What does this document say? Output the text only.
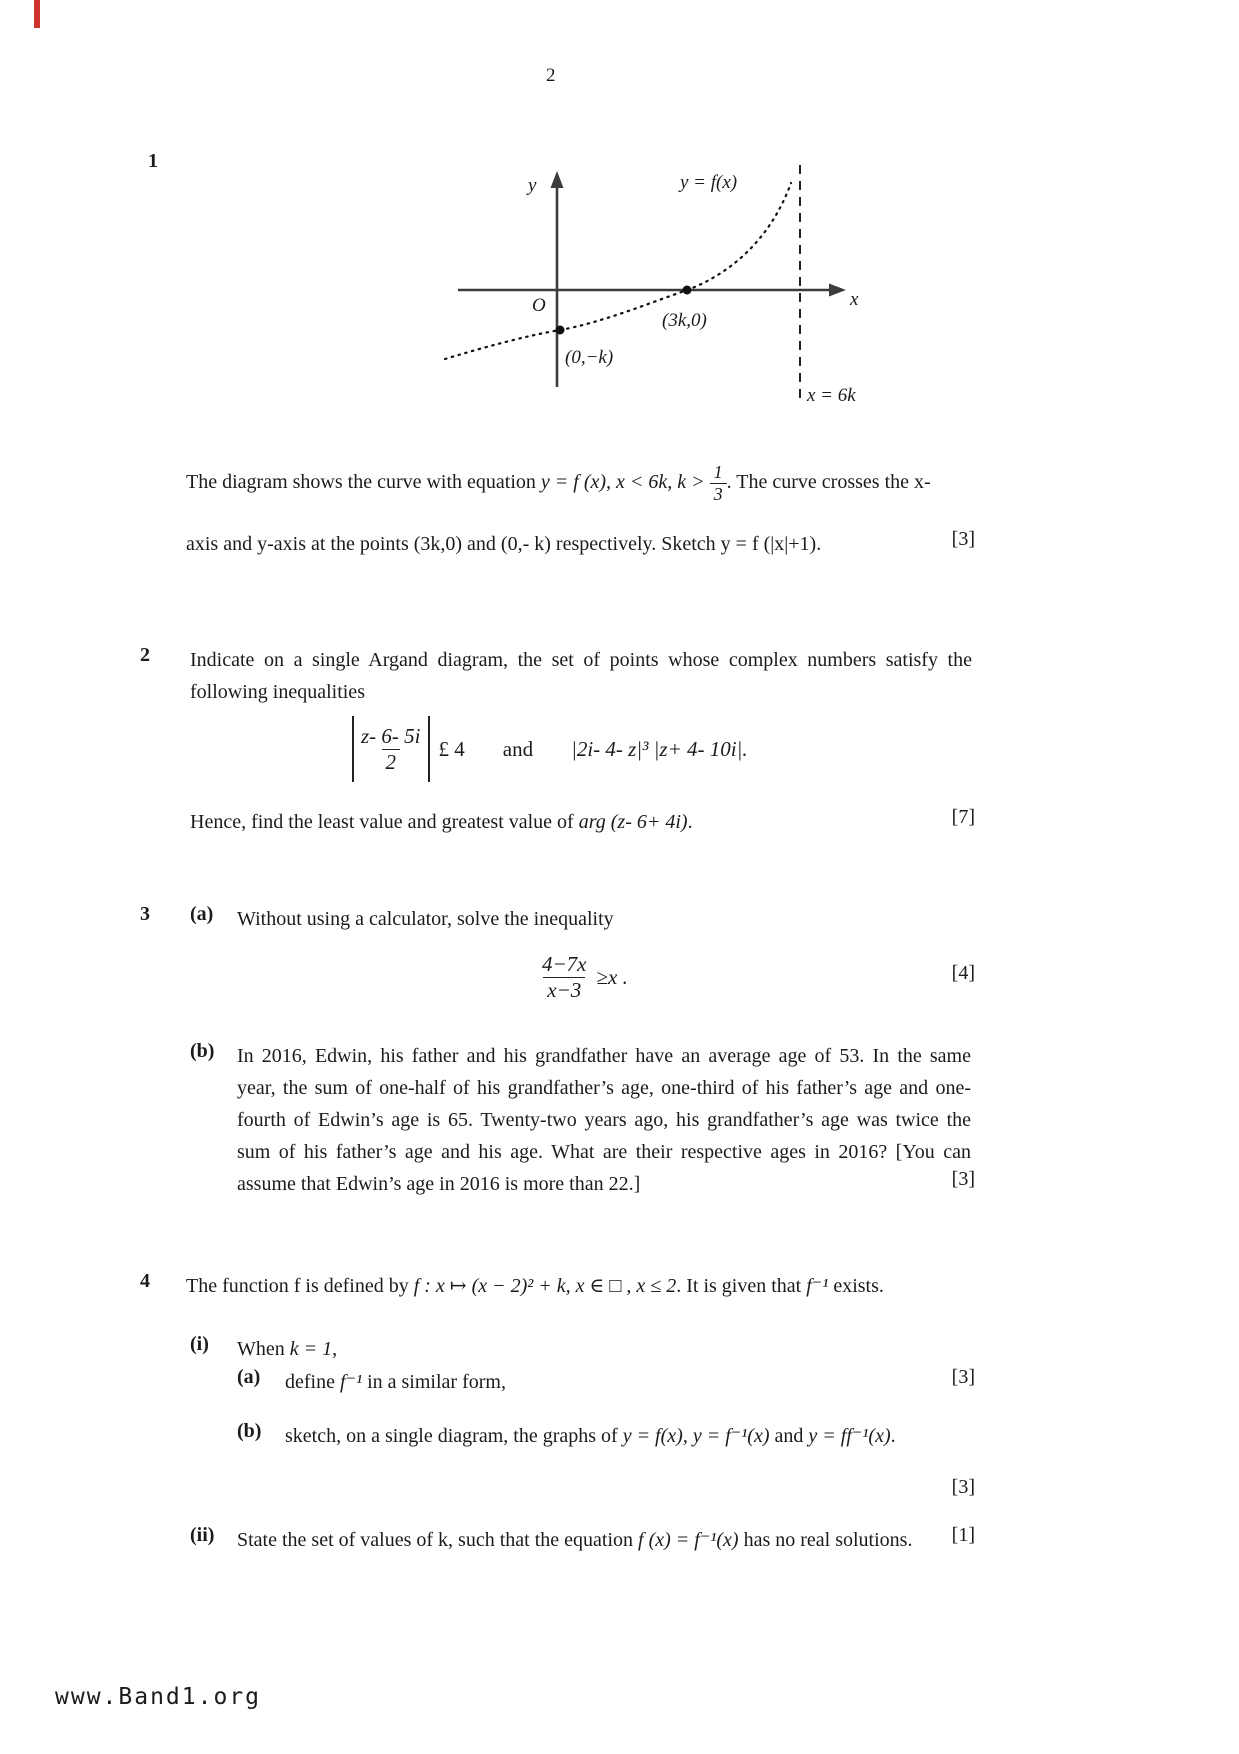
2
1
y
x
y = f(x)
O
(3k,0)
(0,−k)
x = 6k
The diagram shows the curve with equation y = f (x), x < 6k, $k > \frac{1}{3}$ . The curve crosses the x-
axis and y-axis at the points (3k,0) and (0,- k) respectively. Sketch y = f (|x|+1).	[3]
2 Indicate on a single Argand diagram, the set of points whose complex numbers satisfy the
following inequalities
$\frac{z- 6- 5i}{2}$ £ 4 and |2i- 4- z|³ |z+ 4- 10i|.
Hence, find the least value and greatest value of arg (z- 6+ 4i).	[7]
3 (a) Without using a calculator, solve the inequality
$\frac{4-7x}{x-3} \ge x$ .	[4]
(b) In 2016, Edwin, his father and his grandfather have an average age of 53. In the same
year, the sum of one-half of his grandfather’s age, one-third of his father’s age and one-
fourth of Edwin’s age is 65. Twenty-two years ago, his grandfather’s age was twice the
sum of his father’s age and his age. What are their respective ages in 2016? [You can
assume that Edwin’s age in 2016 is more than 22.]	[3]
4 The function f is defined by f : x ↦ (x − 2)² + k, x ∈ □ , x ≤ 2. It is given that f⁻¹ exists.
(i) When k = 1,
(a) define f⁻¹ in a similar form,	[3]
(b) sketch, on a single diagram, the graphs of y = f(x), y = f⁻¹(x) and y = ff⁻¹(x).
[3]
(ii) State the set of values of k, such that the equation f (x) = f⁻¹(x) has no real solutions.	[1]
www.Band1.org
